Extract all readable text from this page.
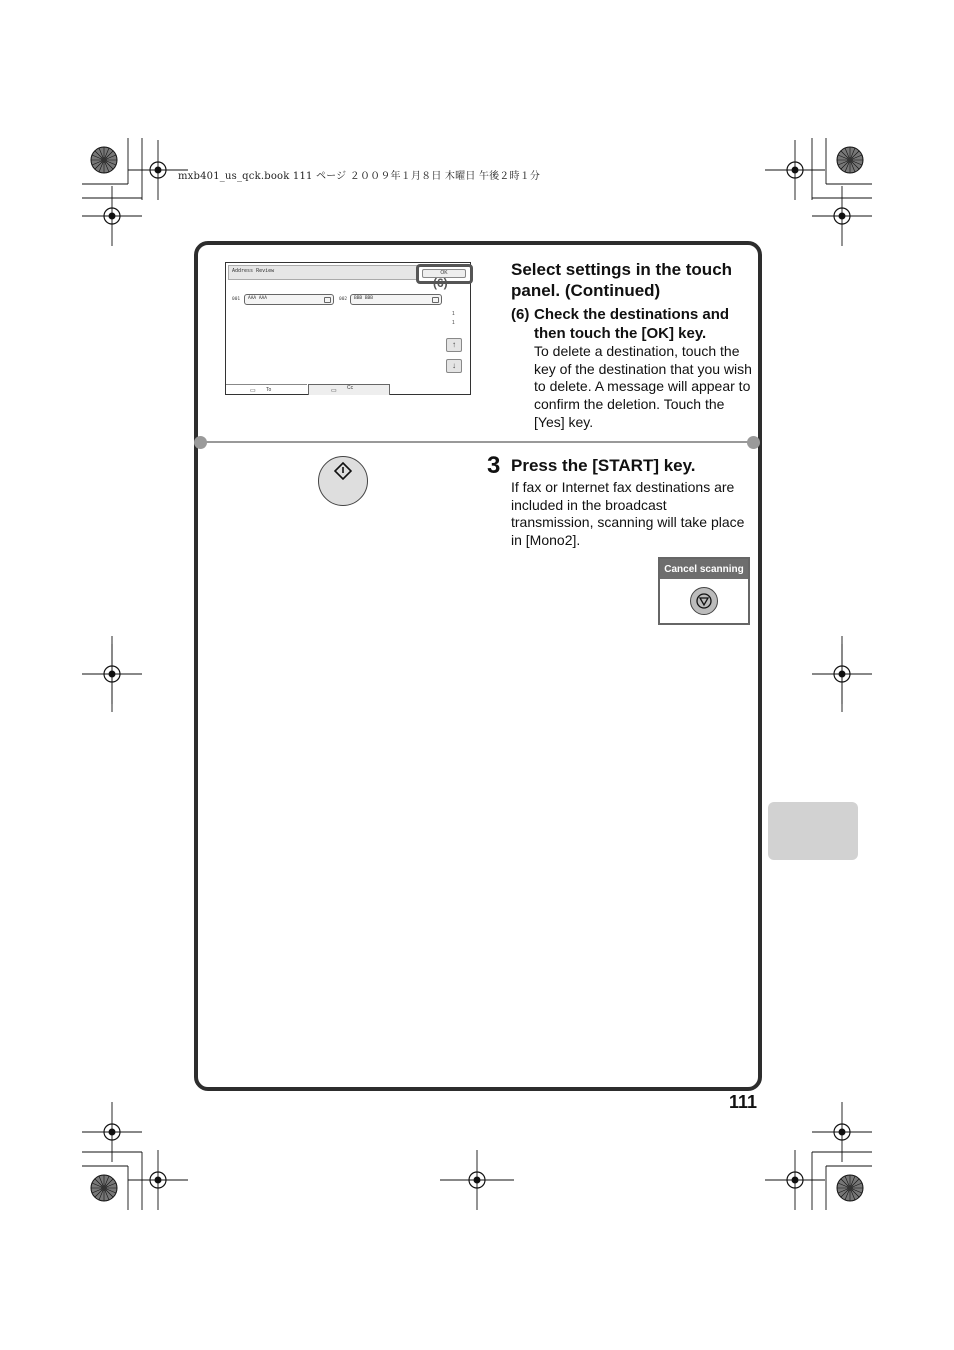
mxb401_us_qck.book 111 ページ ２００９年１月８日 木曜日 午後２時１分
Address Review	OK
001 AAA AAA	002 BBB BBB
1
1
↑
↓
▭ To	▭ Cc
(6)
Select settings in the touch panel. (Continued)
(6) Check the destinations and then touch the [OK] key.
To delete a destination, touch the key of the destination that you wish to delete. A message will appear to confirm the deletion. Touch the [Yes] key.
3 Press the [START] key.
If fax or Internet fax destinations are included in the broadcast transmission, scanning will take place in [Mono2].
Cancel scanning
111
